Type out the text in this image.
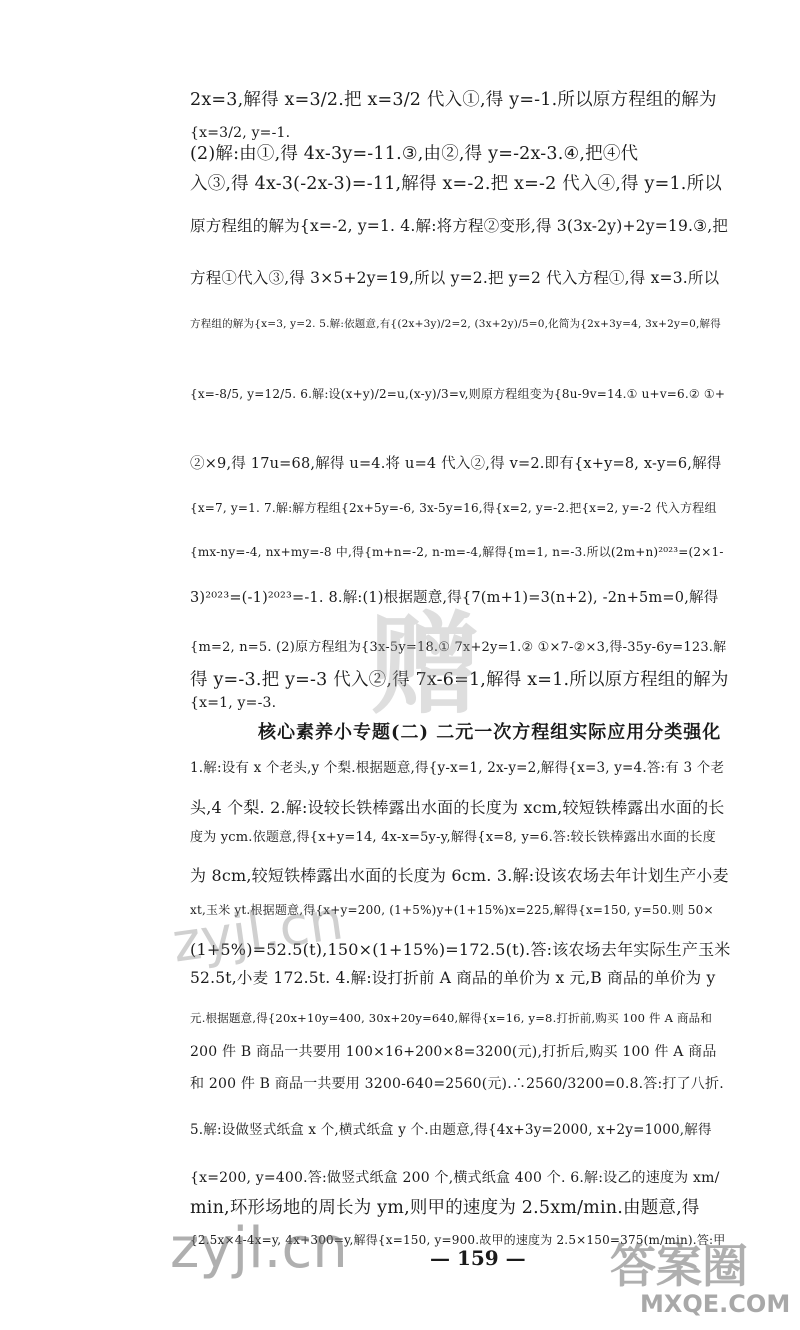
2x=3,解得 x=3/2.把 x=3/2 代入①,得 y=-1.所以原方程组的解为
{x=3/2, y=-1.
(2)解:由①,得 4x-3y=-11.③,由②,得 y=-2x-3.④,把④代
入③,得 4x-3(-2x-3)=-11,解得 x=-2.把 x=-2 代入④,得 y=1.所以
原方程组的解为{x=-2, y=1. 4.解:将方程②变形,得 3(3x-2y)+2y=19.③,把
方程①代入③,得 3×5+2y=19,所以 y=2.把 y=2 代入方程①,得 x=3.所以
方程组的解为{x=3, y=2. 5.解:依题意,有{(2x+3y)/2=2, (3x+2y)/5=0,化简为{2x+3y=4, 3x+2y=0,解得
{x=-8/5, y=12/5. 6.解:设(x+y)/2=u,(x-y)/3=v,则原方程组变为{8u-9v=14.① u+v=6.② ①+
②×9,得 17u=68,解得 u=4.将 u=4 代入②,得 v=2.即有{x+y=8, x-y=6,解得
{x=7, y=1. 7.解:解方程组{2x+5y=-6, 3x-5y=16,得{x=2, y=-2.把{x=2, y=-2 代入方程组
{mx-ny=-4, nx+my=-8 中,得{m+n=-2, n-m=-4,解得{m=1, n=-3.所以(2m+n)²⁰²³=(2×1-
3)²⁰²³=(-1)²⁰²³=-1. 8.解:(1)根据题意,得{7(m+1)=3(n+2), -2n+5m=0,解得
{m=2, n=5. (2)原方程组为{3x-5y=18.① 7x+2y=1.② ①×7-②×3,得-35y-6y=123.解
得 y=-3.把 y=-3 代入②,得 7x-6=1,解得 x=1.所以原方程组的解为
{x=1, y=-3.
核心素养小专题(二) 二元一次方程组实际应用分类强化
1.解:设有 x 个老头,y 个梨.根据题意,得{y-x=1, 2x-y=2,解得{x=3, y=4.答:有 3 个老
头,4 个梨. 2.解:设较长铁棒露出水面的长度为 xcm,较短铁棒露出水面的长
度为 ycm.依题意,得{x+y=14, 4x-x=5y-y,解得{x=8, y=6.答:较长铁棒露出水面的长度
为 8cm,较短铁棒露出水面的长度为 6cm. 3.解:设该农场去年计划生产小麦
xt,玉米 yt.根据题意,得{x+y=200, (1+5%)y+(1+15%)x=225,解得{x=150, y=50.则 50×
(1+5%)=52.5(t),150×(1+15%)=172.5(t).答:该农场去年实际生产玉米
52.5t,小麦 172.5t. 4.解:设打折前 A 商品的单价为 x 元,B 商品的单价为 y
元.根据题意,得{20x+10y=400, 30x+20y=640,解得{x=16, y=8.打折前,购买 100 件 A 商品和
200 件 B 商品一共要用 100×16+200×8=3200(元),打折后,购买 100 件 A 商品
和 200 件 B 商品一共要用 3200-640=2560(元).∴2560/3200=0.8.答:打了八折.
5.解:设做竖式纸盒 x 个,横式纸盒 y 个.由题意,得{4x+3y=2000, x+2y=1000,解得
{x=200, y=400.答:做竖式纸盒 200 个,横式纸盒 400 个. 6.解:设乙的速度为 xm/
min,环形场地的周长为 ym,则甲的速度为 2.5xm/min.由题意,得
{2.5x×4-4x=y, 4x+300=y,解得{x=150, y=900.故甲的速度为 2.5×150=375(m/min).答:甲
— 159 —
赠
zyjl.cn
zyjl.cn	答案圈
MXQE.COM
